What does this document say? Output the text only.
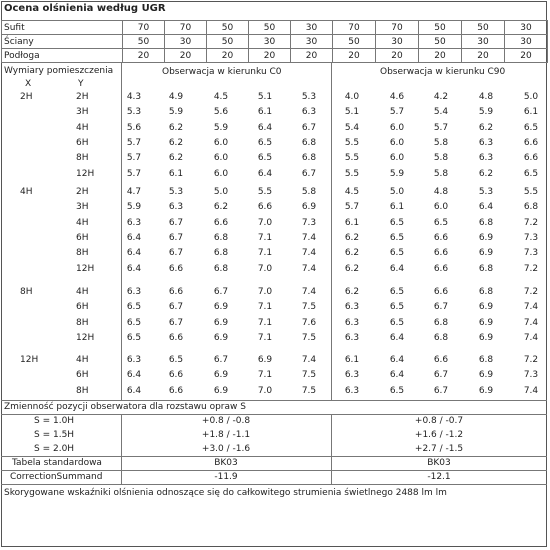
Ocena olśnienia według UGR
Sufit	70	70	50	50	30	70	70	50	50	30
Ściany	50	30	50	30	30	50	30	50	30	30
Podłoga	20	20	20	20	20	20	20	20	20	20
Wymiary pomieszczenia
X	Y
Obserwacja w kierunku C0	Obserwacja w kierunku C90
2H	2H	4.3	4.9	4.5	5.1	5.3	4.0	4.6	4.2	4.8	5.0
3H	5.3	5.9	5.6	6.1	6.3	5.1	5.7	5.4	5.9	6.1
4H	5.6	6.2	5.9	6.4	6.7	5.4	6.0	5.7	6.2	6.5
6H	5.7	6.2	6.0	6.5	6.8	5.5	6.0	5.8	6.3	6.6
8H	5.7	6.2	6.0	6.5	6.8	5.5	6.0	5.8	6.3	6.6
12H	5.7	6.1	6.0	6.4	6.7	5.5	5.9	5.8	6.2	6.5
4H	2H	4.7	5.3	5.0	5.5	5.8	4.5	5.0	4.8	5.3	5.5
3H	5.9	6.3	6.2	6.6	6.9	5.7	6.1	6.0	6.4	6.8
4H	6.3	6.7	6.6	7.0	7.3	6.1	6.5	6.5	6.8	7.2
6H	6.4	6.7	6.8	7.1	7.4	6.2	6.5	6.6	6.9	7.3
8H	6.4	6.7	6.8	7.1	7.4	6.2	6.5	6.6	6.9	7.3
12H	6.4	6.6	6.8	7.0	7.4	6.2	6.4	6.6	6.8	7.2
8H	4H	6.3	6.6	6.7	7.0	7.4	6.2	6.5	6.6	6.8	7.2
6H	6.5	6.7	6.9	7.1	7.5	6.3	6.5	6.7	6.9	7.4
8H	6.5	6.7	6.9	7.1	7.6	6.3	6.5	6.8	6.9	7.4
12H	6.5	6.6	6.9	7.1	7.5	6.3	6.4	6.8	6.9	7.4
12H	4H	6.3	6.5	6.7	6.9	7.4	6.1	6.4	6.6	6.8	7.2
6H	6.4	6.6	6.9	7.1	7.5	6.3	6.4	6.7	6.9	7.3
8H	6.4	6.6	6.9	7.0	7.5	6.3	6.5	6.7	6.9	7.4
Zmienność pozycji obserwatora dla rozstawu opraw S
S = 1.0H	+0.8 / -0.8	+0.8 / -0.7
S = 1.5H	+1.8 / -1.1	+1.6 / -1.2
S = 2.0H	+3.0 / -1.6	+2.7 / -1.5
Tabela standardowa	BK03	BK03
CorrectionSummand	-11.9	-12.1
Skorygowane wskaźniki olśnienia odnoszące się do całkowitego strumienia świetlnego 2488 lm lm
